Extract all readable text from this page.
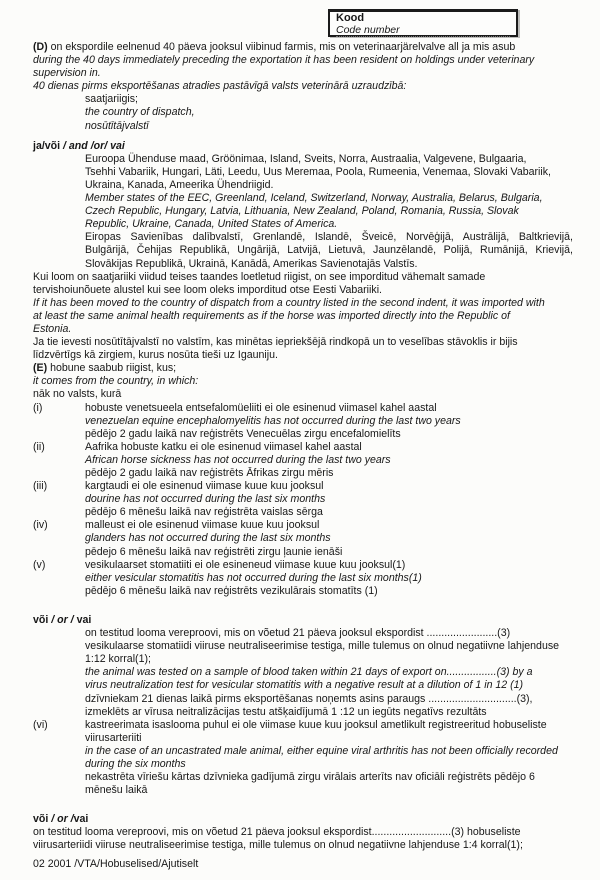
Kood
Code number
(D) on ekspordile eelnenud 40 päeva jooksul viibinud farmis, mis on veterinaarjärelvalve all ja mis asub
during the 40 days immediately preceding the exportation it has been resident on holdings under veterinary
supervision in.
40 dienas pirms eksportēšanas atradies pastāvīgā valsts veterinārā uzraudzībā:
saatjariigis;
the country of dispatch,
nosūtītājvalstī
ja/või / and /or/ vai
Euroopa Ühenduse maad, Gröönimaa, Island, Sveits, Norra, Austraalia, Valgevene, Bulgaaria,
Tsehhi Vabariik, Hungari, Läti, Leedu, Uus Meremaa, Poola, Rumeenia, Venemaa, Slovaki Vabariik,
Ukraina, Kanada, Ameerika Ühendriigid.
Member states of the EEC, Greenland, Iceland, Switzerland, Norway, Australia, Belarus, Bulgaria,
Czech Republic, Hungary, Latvia, Lithuania, New Zealand, Poland, Romania, Russia, Slovak
Republic, Ukraine, Canada, United States of America.
Eiropas Savienības dalībvalstī, Grenlandē, Islandē, Šveicē, Norvēģijā, Austrālijā, Baltkrievijā,
Bulgārijā, Čehijas Republikā, Ungārijā, Latvijā, Lietuvā, Jaunzēlandē, Polijā, Rumānijā, Krievijā,
Slovākijas Republikā, Ukrainā, Kanādā, Amerikas Savienotajās Valstīs.
Kui loom on saatjariiki viidud teises taandes loetletud riigist, on see imporditud vähemalt samade
tervishoiunõuete alustel kui see loom oleks imporditud otse Eesti Vabariiki.
If it has been moved to the country of dispatch from a country listed in the second indent, it was imported with
at least the same animal health requirements as if the horse was imported directly into the Republic of
Estonia.
Ja tie ievesti nosūtītājvalstī no valstīm, kas minētas iepriekšējā rindkopā un to veselības stāvoklis ir bijis
līdzvērtīgs kā zirgiem, kurus nosūta tieši uz Igauniju.
(E) hobune saabub riigist, kus;
it comes from the country, in which:
nāk no valsts, kurā
(i)	hobuste venetsueela entsefalomüeliiti ei ole esinenud viimasel kahel aastal
venezuelan equine encephalomyelitis has not occurred during the last two years
pēdējo 2 gadu laikā nav reģistrēts Venecuēlas zirgu encefalomielīts
(ii)	Aafrika hobuste katku ei ole esinenud viimasel kahel aastal
African horse sickness has not occurred during the last two years
pēdējo 2 gadu laikā nav reģistrēts Āfrikas zirgu mēris
(iii)	kargtaudi ei ole esinenud viimase kuue kuu jooksul
dourine has not occurred during the last six months
pēdējo 6 mēnešu laikā nav reģistrēta vaislas sērga
(iv)	malleust ei ole esinenud viimase kuue kuu jooksul
glanders has not occurred during the last six months
pēdejo 6 mēnešu laikā nav reģistrēti zirgu ļaunie ienāši
(v)	vesikulaarset stomatiiti ei ole esineneud viimase kuue kuu jooksul(1)
either vesicular stomatitis has not occurred during the last six months(1)
pēdējo 6 mēnešu laikā nav reģistrēts vezikulārais stomatīts (1)
või / or / vai
on testitud looma vereproovi, mis on võetud 21 päeva jooksul ekspordist ........................(3)
vesikulaarse stomatiidi viiruse neutraliseerimise testiga, mille tulemus on olnud negatiivne lahjenduse
1:12 korral(1);
the animal was tested on a sample of blood taken within 21 days of export on.................(3) by a
virus neutralization test for vesicular stomatitis with a negative result at a dilution of 1 in 12 (1)
dzīvniekam 21 dienas laikā pirms eksportēšanas noņemts asins paraugs ..............................(3),
izmeklēts ar vīrusa neitralizācijas testu atšķaidījumā 1 :12 un iegūts negatīvs rezultāts
(vi)	kastreerimata isaslooma puhul ei ole viimase kuue kuu jooksul ametlikult registreeritud hobuseliste
viirusarteriiti
in the case of an uncastrated male animal, either equine viral arthritis has not been officially recorded
during the six months
nekastrēta vīriešu kārtas dzīvnieka gadījumā zirgu virālais arterīts nav oficiāli reģistrēts pēdējo 6
mēnešu laikā
või / or /vai
on testitud looma vereproovi, mis on võetud 21 päeva jooksul ekspordist...........................(3) hobuseliste
viirusarteriidi viiruse neutraliseerimise testiga, mille tulemus on olnud negatiivne lahjenduse 1:4 korral(1);
02 2001 /VTA/Hobuselised/Ajutiselt
